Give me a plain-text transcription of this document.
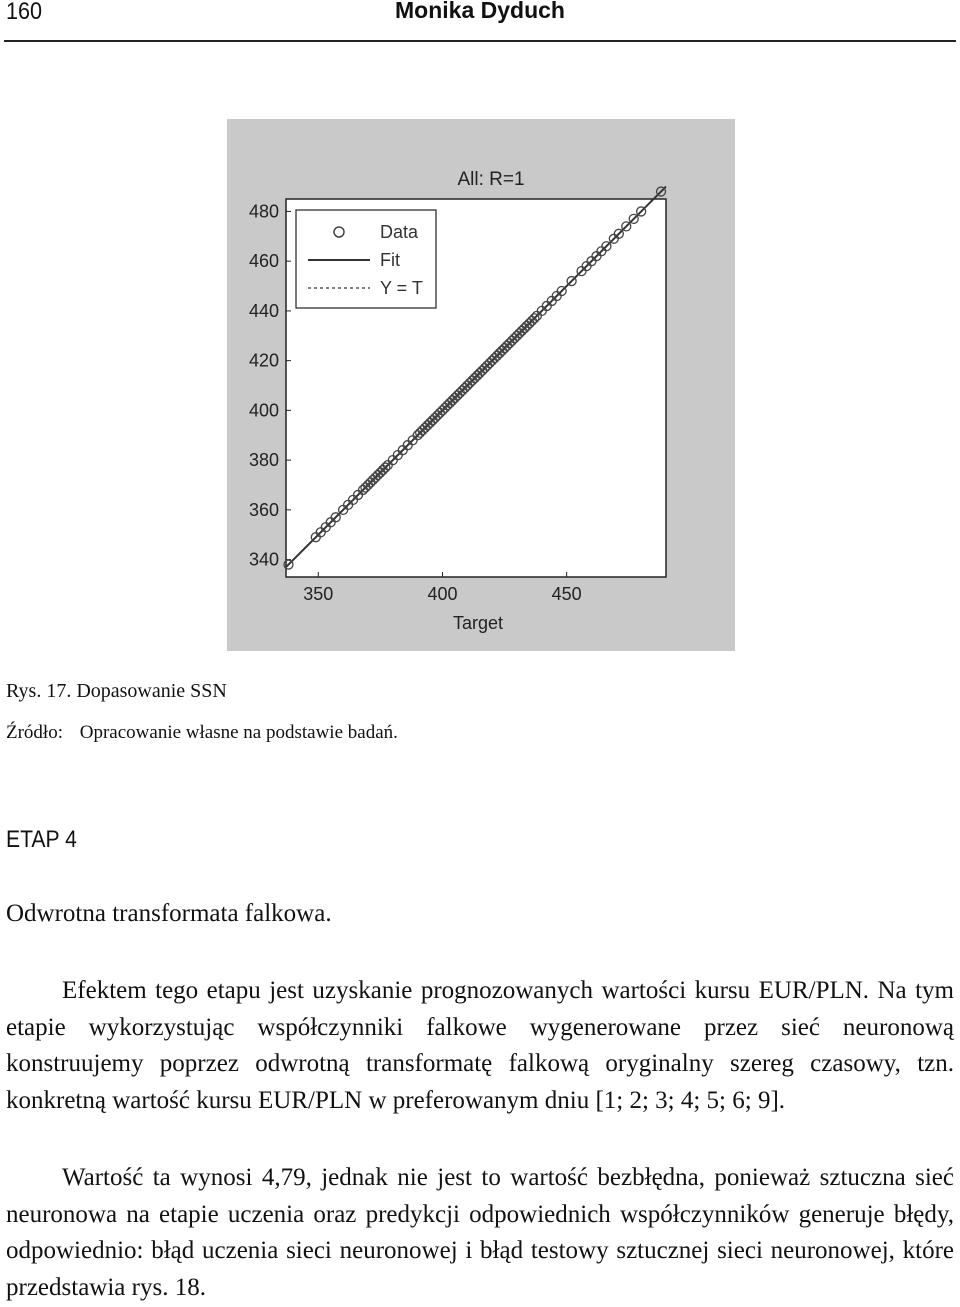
160	Monika Dyduch
All: R=1
350	400	450
Target
340
360
380
400
420
440
460
480
Data
Fit
Y = T
Rys. 17. Dopasowanie SSN
Źródło: Opracowanie własne na podstawie badań.
ETAP 4
Odwrotna transformata falkowa.

Efektem tego etapu jest uzyskanie prognozowanych wartości kursu EUR/PLN. Na tym etapie wykorzystując współczynniki falkowe wygenerowane przez sieć neuronową konstruujemy poprzez odwrotną transformatę falkową oryginalny szereg czasowy, tzn. konkretną wartość kursu EUR/PLN w preferowanym dniu [1; 2; 3; 4; 5; 6; 9].

Wartość ta wynosi 4,79, jednak nie jest to wartość bezbłędna, ponieważ sztuczna sieć neuronowa na etapie uczenia oraz predykcji odpowiednich współczynników generuje błędy, odpowiednio: błąd uczenia sieci neuronowej i błąd testowy sztucznej sieci neuronowej, które przedstawia rys. 18.
